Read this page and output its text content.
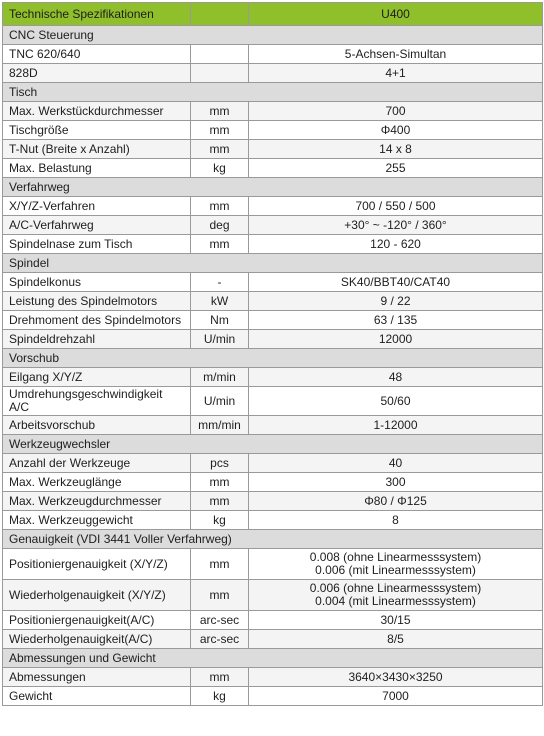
Technische Spezifikationen		U400
CNC Steuerung		
TNC 620/640		5-Achsen-Simultan
828D		4+1
Tisch		
Max. Werkstückdurchmesser	mm	700
Tischgröße	mm	Φ400
T-Nut (Breite x Anzahl)	mm	14 x 8
Max. Belastung	kg	255
Verfahrweg		
X/Y/Z-Verfahren	mm	700 / 550 / 500
A/C-Verfahrweg	deg	+30° ~ -120° / 360°
Spindelnase zum Tisch	mm	120 - 620
Spindel		
Spindelkonus	-	SK40/BBT40/CAT40
Leistung des Spindelmotors	kW	9 / 22
Drehmoment des Spindelmotors	Nm	63 / 135
Spindeldrehzahl	U/min	12000
Vorschub		
Eilgang X/Y/Z	m/min	48
Umdrehungsgeschwindigkeit A/C	U/min	50/60
Arbeitsvorschub	mm/min	1-12000
Werkzeugwechsler		
Anzahl der Werkzeuge	pcs	40
Max. Werkzeuglänge	mm	300
Max. Werkzeugdurchmesser	mm	Φ80 / Φ125
Max. Werkzeuggewicht	kg	8
Genauigkeit (VDI 3441 Voller Verfahrweg)		
Positioniergenauigkeit (X/Y/Z)	mm	0.008 (ohne Linearmesssystem)
0.006 (mit Linearmesssystem)
Wiederholgenauigkeit (X/Y/Z)	mm	0.006 (ohne Linearmesssystem)
0.004 (mit Linearmesssystem)
Positioniergenauigkeit(A/C)	arc-sec	30/15
Wiederholgenauigkeit(A/C)	arc-sec	8/5
Abmessungen und Gewicht		
Abmessungen	mm	3640×3430×3250
Gewicht	kg	7000
